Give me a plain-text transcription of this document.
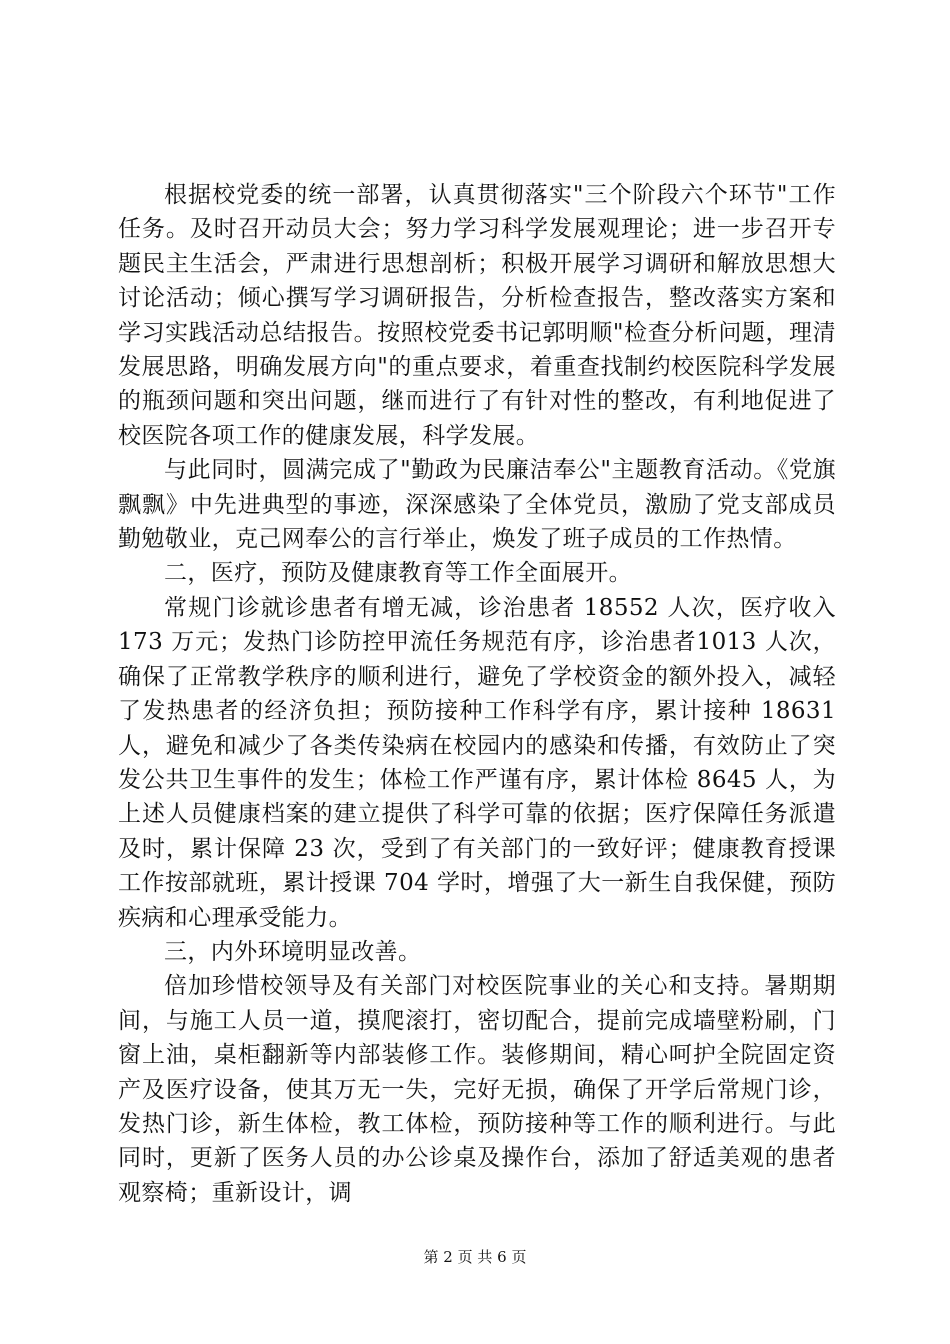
根据校党委的统一部署，认真贯彻落实"三个阶段六个环节"工作任务。及时召开动员大会；努力学习科学发展观理论；进一步召开专题民主生活会，严肃进行思想剖析；积极开展学习调研和解放思想大讨论活动；倾心撰写学习调研报告，分析检查报告，整改落实方案和学习实践活动总结报告。按照校党委书记郭明顺"检查分析问题，理清发展思路，明确发展方向"的重点要求，着重查找制约校医院科学发展的瓶颈问题和突出问题，继而进行了有针对性的整改，有利地促进了校医院各项工作的健康发展，科学发展。

与此同时，圆满完成了"勤政为民廉洁奉公"主题教育活动。《党旗飘飘》中先进典型的事迹，深深感染了全体党员，激励了党支部成员勤勉敬业，克己网奉公的言行举止，焕发了班子成员的工作热情。

二，医疗，预防及健康教育等工作全面展开。

常规门诊就诊患者有增无减，诊治患者 18552 人次，医疗收入 173 万元；发热门诊防控甲流任务规范有序，诊治患者1013 人次，确保了正常教学秩序的顺利进行，避免了学校资金的额外投入，减轻了发热患者的经济负担；预防接种工作科学有序，累计接种 18631 人，避免和减少了各类传染病在校园内的感染和传播，有效防止了突发公共卫生事件的发生；体检工作严谨有序，累计体检 8645 人，为上述人员健康档案的建立提供了科学可靠的依据；医疗保障任务派遣及时，累计保障 23 次，受到了有关部门的一致好评；健康教育授课工作按部就班，累计授课 704 学时，增强了大一新生自我保健，预防疾病和心理承受能力。

三，内外环境明显改善。

倍加珍惜校领导及有关部门对校医院事业的关心和支持。暑期期间，与施工人员一道，摸爬滚打，密切配合，提前完成墙壁粉刷，门窗上油，桌柜翻新等内部装修工作。装修期间，精心呵护全院固定资产及医疗设备，使其万无一失，完好无损，确保了开学后常规门诊，发热门诊，新生体检，教工体检，预防接种等工作的顺利进行。与此同时，更新了医务人员的办公诊桌及操作台，添加了舒适美观的患者观察椅；重新设计，调

第 2 页 共 6 页
